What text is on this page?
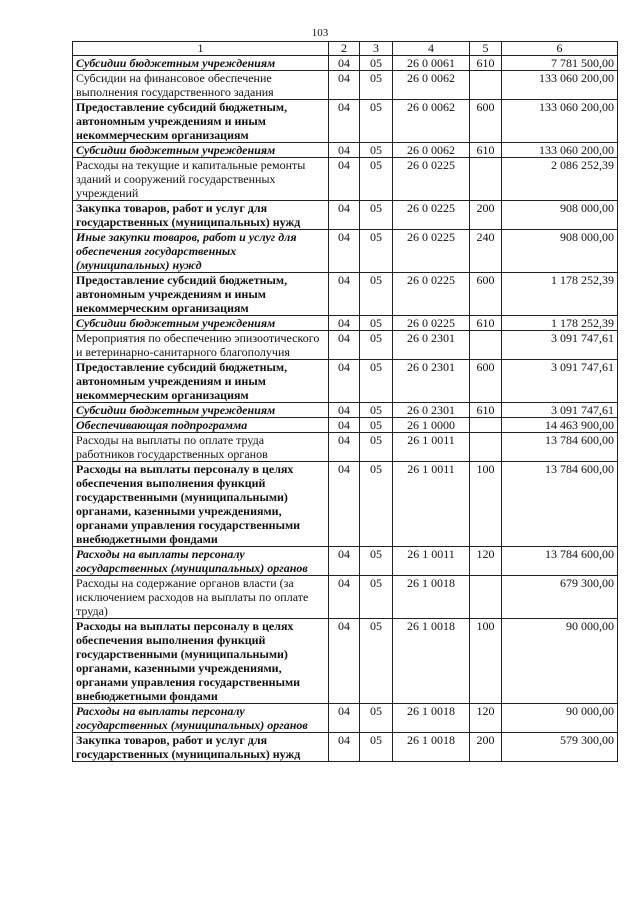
103
1	2	3	4	5	6
Субсидии бюджетным учреждениям	04	05	26 0 0061	610	7 781 500,00
Субсидии на финансовое обеспечение выполнения государственного задания	04	05	26 0 0062		133 060 200,00
Предоставление субсидий бюджетным, автономным учреждениям и иным некоммерческим организациям	04	05	26 0 0062	600	133 060 200,00
Субсидии бюджетным учреждениям	04	05	26 0 0062	610	133 060 200,00
Расходы на текущие и капитальные ремонты зданий и сооружений государственных учреждений	04	05	26 0 0225		2 086 252,39
Закупка товаров, работ и услуг для государственных (муниципальных) нужд	04	05	26 0 0225	200	908 000,00
Иные закупки товаров, работ и услуг для обеспечения государственных (муниципальных) нужд	04	05	26 0 0225	240	908 000,00
Предоставление субсидий бюджетным, автономным учреждениям и иным некоммерческим организациям	04	05	26 0 0225	600	1 178 252,39
Субсидии бюджетным учреждениям	04	05	26 0 0225	610	1 178 252,39
Мероприятия по обеспечению эпизоотического и ветеринарно-санитарного благополучия	04	05	26 0 2301		3 091 747,61
Предоставление субсидий бюджетным, автономным учреждениям и иным некоммерческим организациям	04	05	26 0 2301	600	3 091 747,61
Субсидии бюджетным учреждениям	04	05	26 0 2301	610	3 091 747,61
Обеспечивающая подпрограмма	04	05	26 1 0000		14 463 900,00
Расходы на выплаты по оплате труда работников государственных органов	04	05	26 1 0011		13 784 600,00
Расходы на выплаты персоналу в целях обеспечения выполнения функций государственными (муниципальными) органами, казенными учреждениями, органами управления государственными внебюджетными фондами	04	05	26 1 0011	100	13 784 600,00
Расходы на выплаты персоналу государственных (муниципальных) органов	04	05	26 1 0011	120	13 784 600,00
Расходы на содержание органов власти (за исключением расходов на выплаты по оплате труда)	04	05	26 1 0018		679 300,00
Расходы на выплаты персоналу в целях обеспечения выполнения функций государственными (муниципальными) органами, казенными учреждениями, органами управления государственными внебюджетными фондами	04	05	26 1 0018	100	90 000,00
Расходы на выплаты персоналу государственных (муниципальных) органов	04	05	26 1 0018	120	90 000,00
Закупка товаров, работ и услуг для государственных (муниципальных) нужд	04	05	26 1 0018	200	579 300,00
